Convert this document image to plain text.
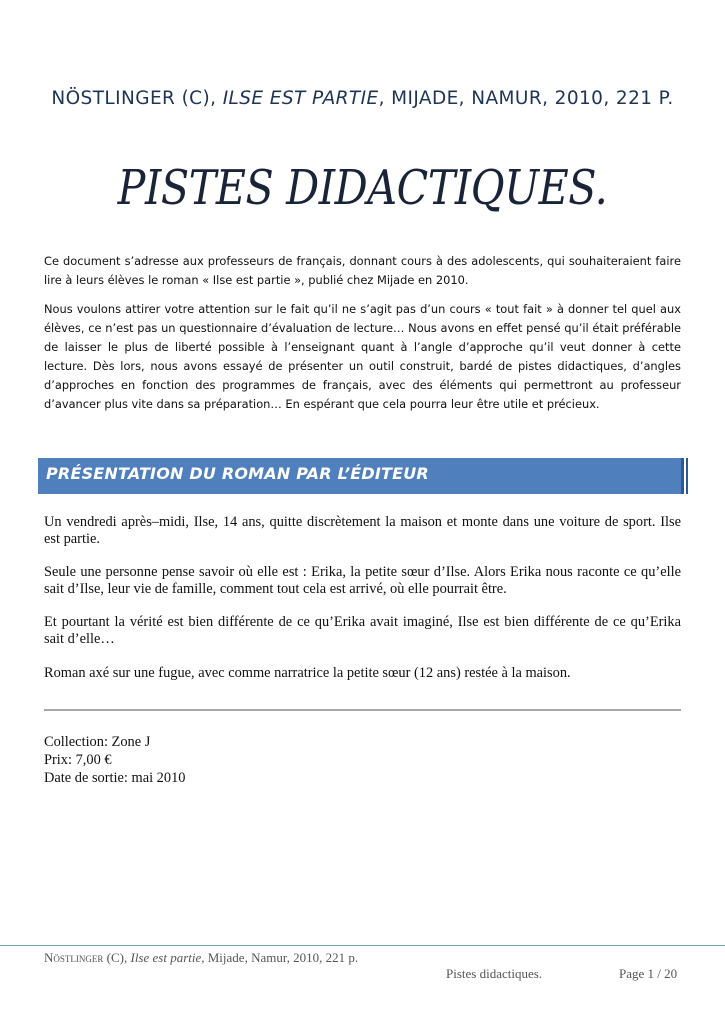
NÖSTLINGER (C), ILSE EST PARTIE, MIJADE, NAMUR, 2010, 221 P.
PISTES DIDACTIQUES.

Ce document s’adresse aux professeurs de français, donnant cours à des adolescents, qui souhaiteraient faire lire à leurs élèves le roman « Ilse est partie », publié chez Mijade en 2010.

Nous voulons attirer votre attention sur le fait qu’il ne s’agit pas d’un cours « tout fait » à donner tel quel aux élèves, ce n’est pas un questionnaire d’évaluation de lecture… Nous avons en effet pensé qu’il était préférable de laisser le plus de liberté possible à l’enseignant quant à l’angle d’approche qu’il veut donner à cette lecture. Dès lors, nous avons essayé de présenter un outil construit, bardé de pistes didactiques, d’angles d’approches en fonction des programmes de français, avec des éléments qui permettront au professeur d’avancer plus vite dans sa préparation… En espérant que cela pourra leur être utile et précieux.

PRÉSENTATION DU ROMAN PAR L’ÉDITEUR

Un vendredi après–midi, Ilse, 14 ans, quitte discrètement la maison et monte dans une voiture de sport. Ilse est partie.

Seule une personne pense savoir où elle est : Erika, la petite sœur d’Ilse. Alors Erika nous raconte ce qu’elle sait d’Ilse, leur vie de famille, comment tout cela est arrivé, où elle pourrait être.

Et pourtant la vérité est bien différente de ce qu’Erika avait imaginé, Ilse est bien différente de ce qu’Erika sait d’elle…

Roman axé sur une fugue, avec comme narratrice la petite sœur (12 ans) restée à la maison.

Collection: Zone J
Prix: 7,00 €
Date de sortie: mai 2010
Nöstlinger (C), Ilse est partie, Mijade, Namur, 2010, 221 p.
Pistes didactiques.	Page 1 / 20
